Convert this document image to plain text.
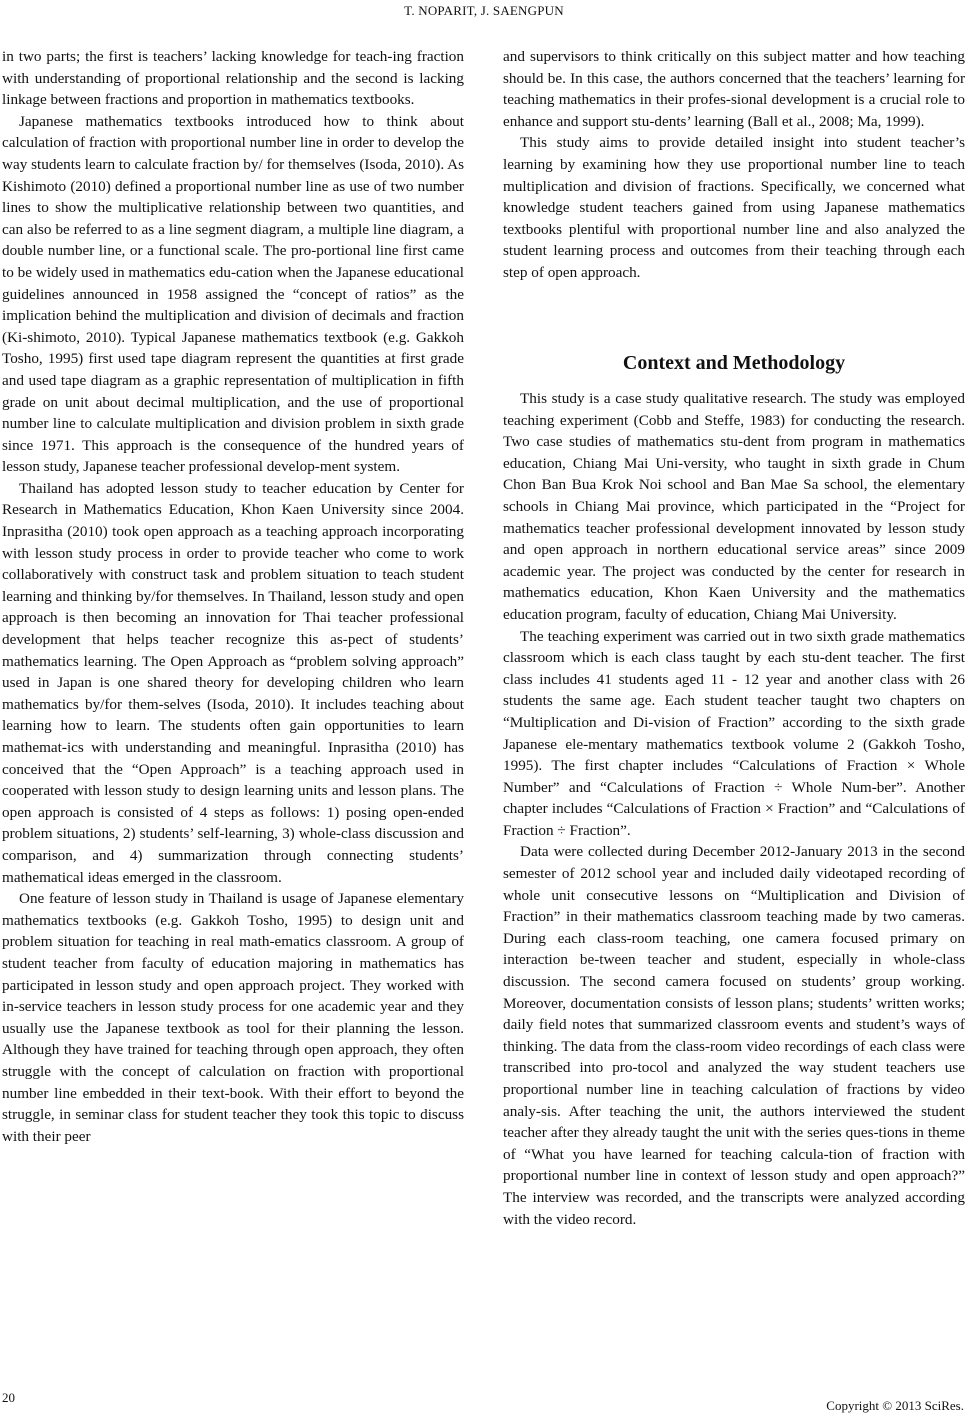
T. NOPARIT, J. SAENGPUN

in two parts; the first is teachers’ lacking knowledge for teach-ing fraction with understanding of proportional relationship and the second is lacking linkage between fractions and proportion in mathematics textbooks.

Japanese mathematics textbooks introduced how to think about calculation of fraction with proportional number line in order to develop the way students learn to calculate fraction by/ for themselves (Isoda, 2010). As Kishimoto (2010) defined a proportional number line as use of two number lines to show the multiplicative relationship between two quantities, and can also be referred to as a line segment diagram, a multiple line diagram, a double number line, or a functional scale. The pro-portional line first came to be widely used in mathematics edu-cation when the Japanese educational guidelines announced in 1958 assigned the “concept of ratios” as the implication behind the multiplication and division of decimals and fraction (Ki-shimoto, 2010). Typical Japanese mathematics textbook (e.g. Gakkoh Tosho, 1995) first used tape diagram represent the quantities at first grade and used tape diagram as a graphic representation of multiplication in fifth grade on unit about decimal multiplication, and the use of proportional number line to calculate multiplication and division problem in sixth grade since 1971. This approach is the consequence of the hundred years of lesson study, Japanese teacher professional develop-ment system.

Thailand has adopted lesson study to teacher education by Center for Research in Mathematics Education, Khon Kaen University since 2004. Inprasitha (2010) took open approach as a teaching approach incorporating with lesson study process in order to provide teacher who come to work collaboratively with construct task and problem situation to teach student learning and thinking by/for themselves. In Thailand, lesson study and open approach is then becoming an innovation for Thai teacher professional development that helps teacher recognize this as-pect of students’ mathematics learning. The Open Approach as “problem solving approach” used in Japan is one shared theory for developing children who learn mathematics by/for them-selves (Isoda, 2010). It includes teaching about learning how to learn. The students often gain opportunities to learn mathemat-ics with understanding and meaningful. Inprasitha (2010) has conceived that the “Open Approach” is a teaching approach used in cooperated with lesson study to design learning units and lesson plans. The open approach is consisted of 4 steps as follows: 1) posing open-ended problem situations, 2) students’ self-learning, 3) whole-class discussion and comparison, and 4) summarization through connecting students’ mathematical ideas emerged in the classroom.

One feature of lesson study in Thailand is usage of Japanese elementary mathematics textbooks (e.g. Gakkoh Tosho, 1995) to design unit and problem situation for teaching in real math-ematics classroom. A group of student teacher from faculty of education majoring in mathematics has participated in lesson study and open approach project. They worked with in-service teachers in lesson study process for one academic year and they usually use the Japanese textbook as tool for their planning the lesson. Although they have trained for teaching through open approach, they often struggle with the concept of calculation on fraction with proportional number line embedded in their text-book. With their effort to beyond the struggle, in seminar class for student teacher they took this topic to discuss with their peer

and supervisors to think critically on this subject matter and how teaching should be. In this case, the authors concerned that the teachers’ learning for teaching mathematics in their profes-sional development is a crucial role to enhance and support stu-dents’ learning (Ball et al., 2008; Ma, 1999).

This study aims to provide detailed insight into student teacher’s learning by examining how they use proportional number line to teach multiplication and division of fractions. Specifically, we concerned what knowledge student teachers gained from using Japanese mathematics textbooks plentiful with proportional number line and also analyzed the student learning process and outcomes from their teaching through each step of open approach.

Context and Methodology

This study is a case study qualitative research. The study was employed teaching experiment (Cobb and Steffe, 1983) for conducting the research. Two case studies of mathematics stu-dent from program in mathematics education, Chiang Mai Uni-versity, who taught in sixth grade in Chum Chon Ban Bua Krok Noi school and Ban Mae Sa school, the elementary schools in Chiang Mai province, which participated in the “Project for mathematics teacher professional development innovated by lesson study and open approach in northern educational service areas” since 2009 academic year. The project was conducted by the center for research in mathematics education, Khon Kaen University and the mathematics education program, faculty of education, Chiang Mai University.

The teaching experiment was carried out in two sixth grade mathematics classroom which is each class taught by each stu-dent teacher. The first class includes 41 students aged 11 - 12 year and another class with 26 students the same age. Each student teacher taught two chapters on “Multiplication and Di-vision of Fraction” according to the sixth grade Japanese ele-mentary mathematics textbook volume 2 (Gakkoh Tosho, 1995). The first chapter includes “Calculations of Fraction × Whole Number” and “Calculations of Fraction ÷ Whole Num-ber”. Another chapter includes “Calculations of Fraction × Fraction” and “Calculations of Fraction ÷ Fraction”.

Data were collected during December 2012-January 2013 in the second semester of 2012 school year and included daily videotaped recording of whole unit consecutive lessons on “Multiplication and Division of Fraction” in their mathematics classroom teaching made by two cameras. During each class-room teaching, one camera focused primary on interaction be-tween teacher and student, especially in whole-class discussion. The second camera focused on students’ group working. Moreover, documentation consists of lesson plans; students’ written works; daily field notes that summarized classroom events and student’s ways of thinking. The data from the class-room video recordings of each class were transcribed into pro-tocol and analyzed the way student teachers use proportional number line in teaching calculation of fractions by video analy-sis. After teaching the unit, the authors interviewed the student teacher after they already taught the unit with the series ques-tions in theme of “What you have learned for teaching calcula-tion of fraction with proportional number line in context of lesson study and open approach?” The interview was recorded, and the transcripts were analyzed according with the video record.

20
Copyright © 2013 SciRes.
